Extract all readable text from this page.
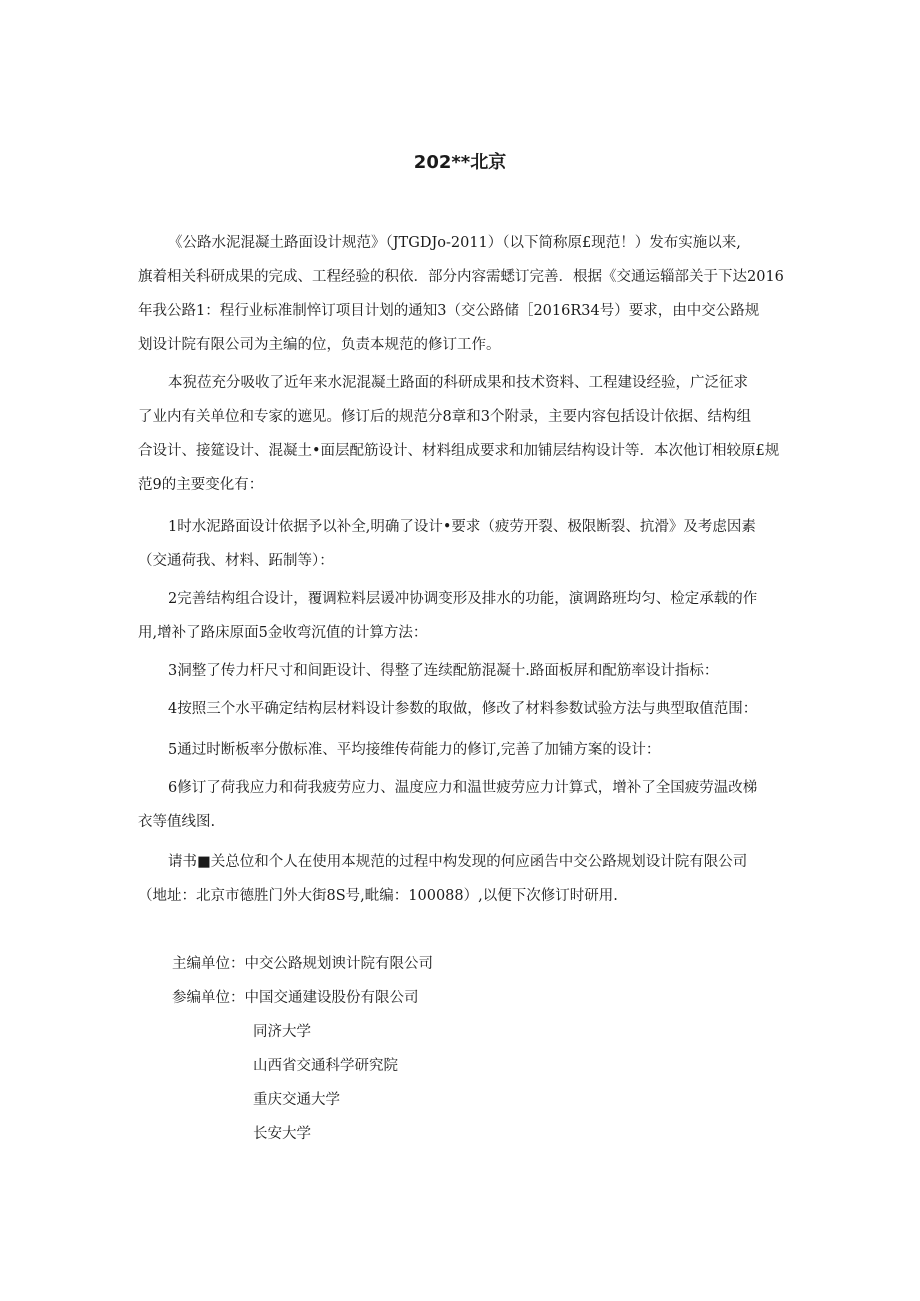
202**北京

《公路水泥混凝土路面设计规范》（JTGDJo-2011）（以下简称原£现范！）发布实施以来,
旗着相关科研成果的完成、工程经验的积依．部分内容需蟋订完善．根据《交通运辎部关于下达2016
年我公路1：程行业标准制悴订项目计划的通知3（交公路储［2016R34号）要求，由中交公路规
划设计院有限公司为主编的位，负责本规范的修订工作。

本猊莅充分吸收了近年来水泥混凝土路面的科研成果和技术资料、工程建设经验，广泛征求
了业内有关单位和专家的遮见。修订后的规范分8章和3个附录，主要内容包括设计依据、结构组
合设计、接筵设计、混凝土•面层配筋设计、材料组成要求和加铺层结构设计等．本次他订相较原£规
范9的主要变化有：

1时水泥路面设计依据予以补全,明确了设计•要求（疲劳开裂、极限断裂、抗滑》及考虑因素
（交通荷我、材料、跖制等）：

2完善结构组合设计，覆调粒料层谖冲协调变形及排水的功能，演调路班均匀、检定承载的作
用,增补了路床原面5金收弯沉值的计算方法：

3洞整了传力杆尺寸和间距设计、得整了连续配筋混凝十.路面板屏和配筋率设计指标：

4按照三个水平确定结构层材料设计参数的取做，修改了材料参数试验方法与典型取值范围：

5通过时断板率分傲标准、平均接维传荷能力的修订,完善了加铺方案的设计：

6修订了荷我应力和荷我疲劳应力、温度应力和温世疲劳应力计算式，增补了全国疲劳温改梯
衣等值线图.

请书■关总位和个人在使用本规范的过程中构发现的何应函告中交公路规划设计院有限公司
（地址：北京市德胜门外大街8S号,毗编：100088）,以便下次修订时研用.

主编单位：中交公路规划谀计院有限公司
参编单位：中国交通建设股份有限公司
同济大学
山西省交通科学研究院
重庆交通大学
长安大学
